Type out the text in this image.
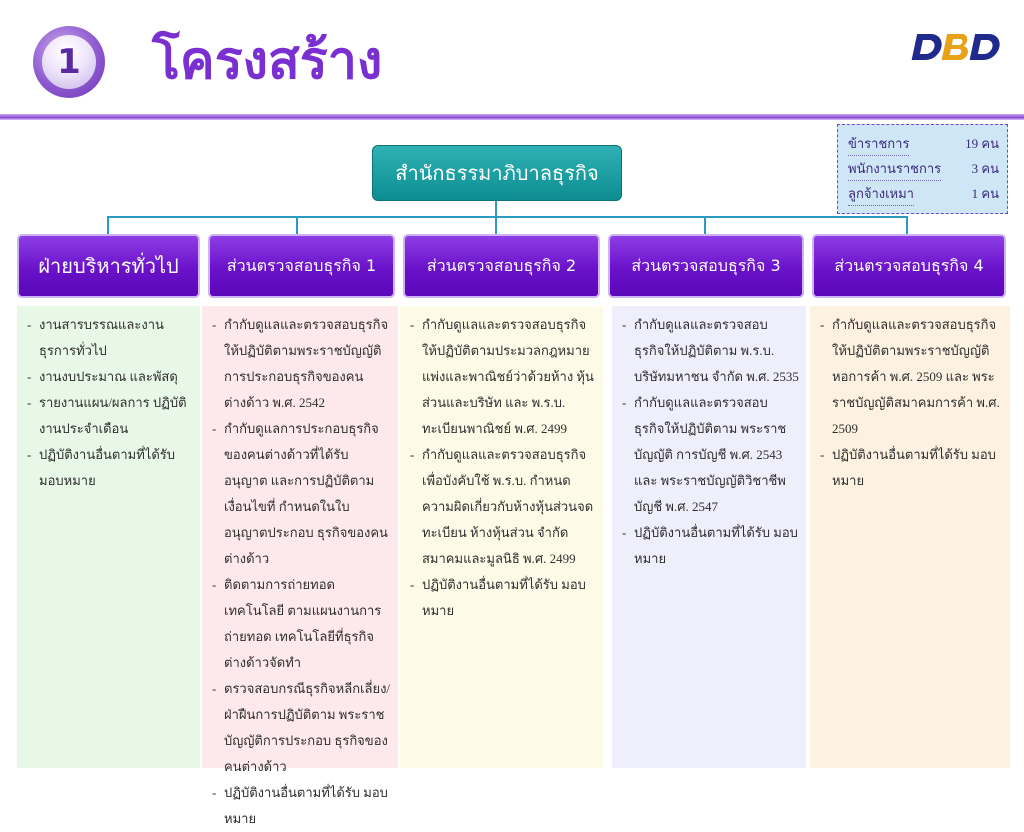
1 โครงสร้าง
ข้าราชการ	19 คน
พนักงานราชการ 3 คน
ลูกจ้างเหมา	1 คน
สำนักธรรมาภิบาลธุรกิจ
ฝ่ายบริหารทั่วไป	ส่วนตรวจสอบธุรกิจ 1	ส่วนตรวจสอบธุรกิจ 2	ส่วนตรวจสอบธุรกิจ 3	ส่วนตรวจสอบธุรกิจ 4
- งานสารบรรณและงาน ธุรการทั่วไป
- งานงบประมาณ และพัสดุ
- รายงานแผน/ผลการ ปฏิบัติงานประจำเดือน
- ปฏิบัติงานอื่นตามที่ได้รับ มอบหมาย
- กำกับดูแลและตรวจสอบธุรกิจ ให้ปฏิบัติตามพระราชบัญญัติ การประกอบธุรกิจของคน ต่างด้าว พ.ศ. 2542
- กำกับดูแลการประกอบธุรกิจ ของคนต่างด้าวที่ได้รับอนุญาต และการปฏิบัติตามเงื่อนไขที่ กำหนดในใบอนุญาตประกอบ ธุรกิจของคนต่างด้าว
- ติดตามการถ่ายทอดเทคโนโลยี ตามแผนงานการถ่ายทอด เทคโนโลยีที่ธุรกิจต่างด้าวจัดทำ
- ตรวจสอบกรณีธุรกิจหลีกเลี่ยง/ ฝ่าฝืนการปฏิบัติตาม พระราชบัญญัติการประกอบ ธุรกิจของคนต่างด้าว
- ปฏิบัติงานอื่นตามที่ได้รับ มอบหมาย
- กำกับดูแลและตรวจสอบธุรกิจ ให้ปฏิบัติตามประมวลกฎหมาย แพ่งและพาณิชย์ว่าด้วยห้าง หุ้นส่วนและบริษัท และ พ.ร.บ. ทะเบียนพาณิชย์ พ.ศ. 2499
- กำกับดูแลและตรวจสอบธุรกิจ เพื่อบังคับใช้ พ.ร.บ. กำหนด ความผิดเกี่ยวกับห้างหุ้นส่วนจด ทะเบียน ห้างหุ้นส่วน จำกัด สมาคมและมูลนิธิ พ.ศ. 2499
- ปฏิบัติงานอื่นตามที่ได้รับ มอบหมาย
- กำกับดูแลและตรวจสอบ ธุรกิจให้ปฏิบัติตาม พ.ร.บ. บริษัทมหาชน จำกัด พ.ศ. 2535
- กำกับดูแลและตรวจสอบ ธุรกิจให้ปฏิบัติตาม พระราชบัญญัติ การบัญชี พ.ศ. 2543 และ พระราชบัญญัติวิชาชีพ บัญชี พ.ศ. 2547
- ปฏิบัติงานอื่นตามที่ได้รับ มอบหมาย
- กำกับดูแลและตรวจสอบธุรกิจ ให้ปฏิบัติตามพระราชบัญญัติ หอการค้า พ.ศ. 2509 และ พระราชบัญญัติสมาคมการค้า พ.ศ. 2509
- ปฏิบัติงานอื่นตามที่ได้รับ มอบหมาย
